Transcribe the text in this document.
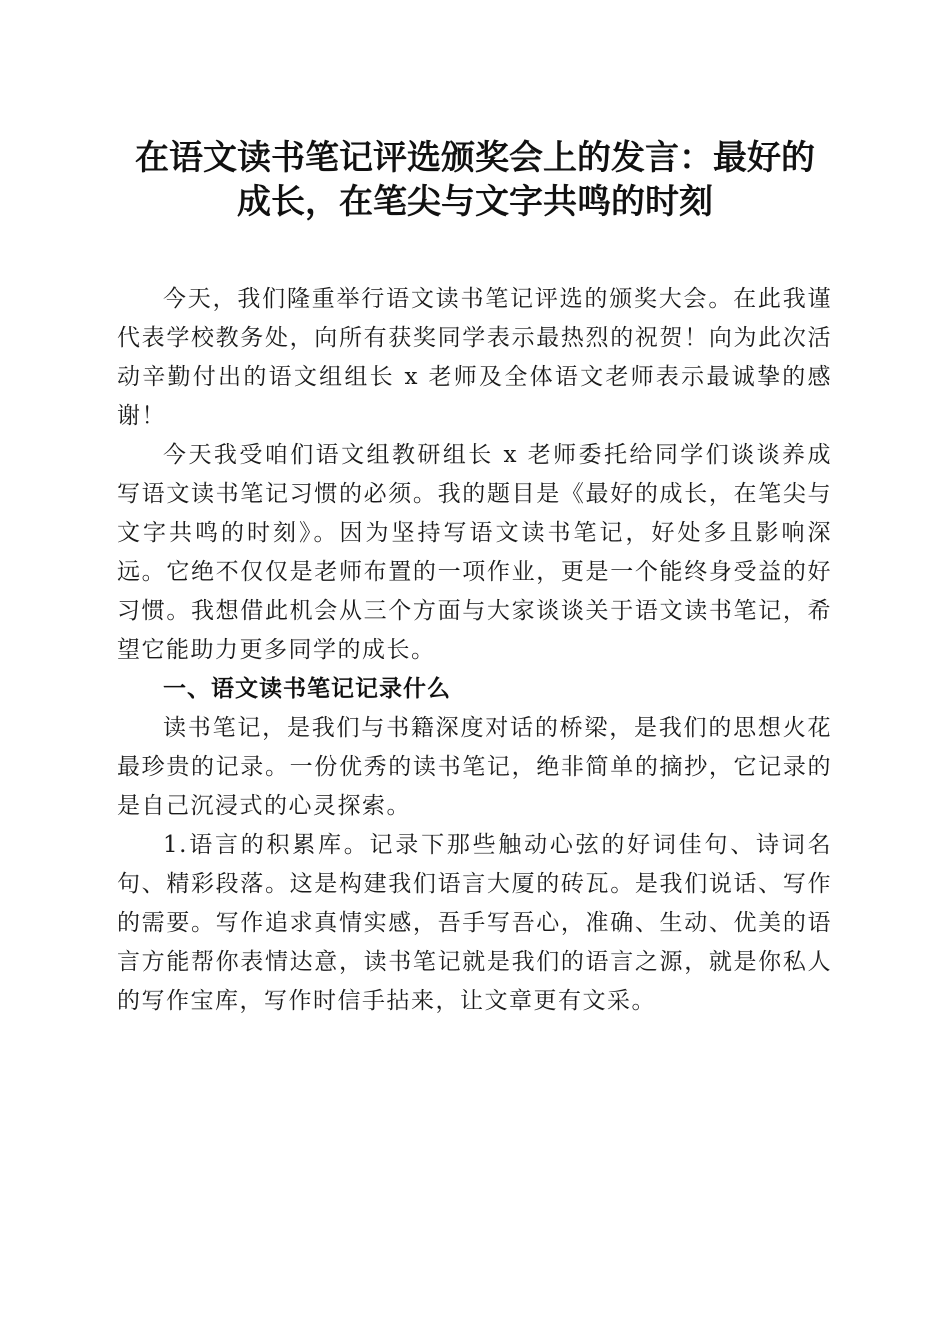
在语文读书笔记评选颁奖会上的发言：最好的
成长，在笔尖与文字共鸣的时刻

今天，我们隆重举行语文读书笔记评选的颁奖大会。在此我谨代表学校教务处，向所有获奖同学表示最热烈的祝贺！向为此次活动辛勤付出的语文组组长 x 老师及全体语文老师表示最诚挚的感谢！

今天我受咱们语文组教研组长 x 老师委托给同学们谈谈养成写语文读书笔记习惯的必须。我的题目是《最好的成长，在笔尖与文字共鸣的时刻》。因为坚持写语文读书笔记，好处多且影响深远。它绝不仅仅是老师布置的一项作业，更是一个能终身受益的好习惯。我想借此机会从三个方面与大家谈谈关于语文读书笔记，希望它能助力更多同学的成长。

一、语文读书笔记记录什么

读书笔记，是我们与书籍深度对话的桥梁，是我们的思想火花最珍贵的记录。一份优秀的读书笔记，绝非简单的摘抄，它记录的是自己沉浸式的心灵探索。

1.语言的积累库。记录下那些触动心弦的好词佳句、诗词名句、精彩段落。这是构建我们语言大厦的砖瓦。是我们说话、写作的需要。写作追求真情实感，吾手写吾心，准确、生动、优美的语言方能帮你表情达意，读书笔记就是我们的语言之源，就是你私人的写作宝库，写作时信手拈来，让文章更有文采。
